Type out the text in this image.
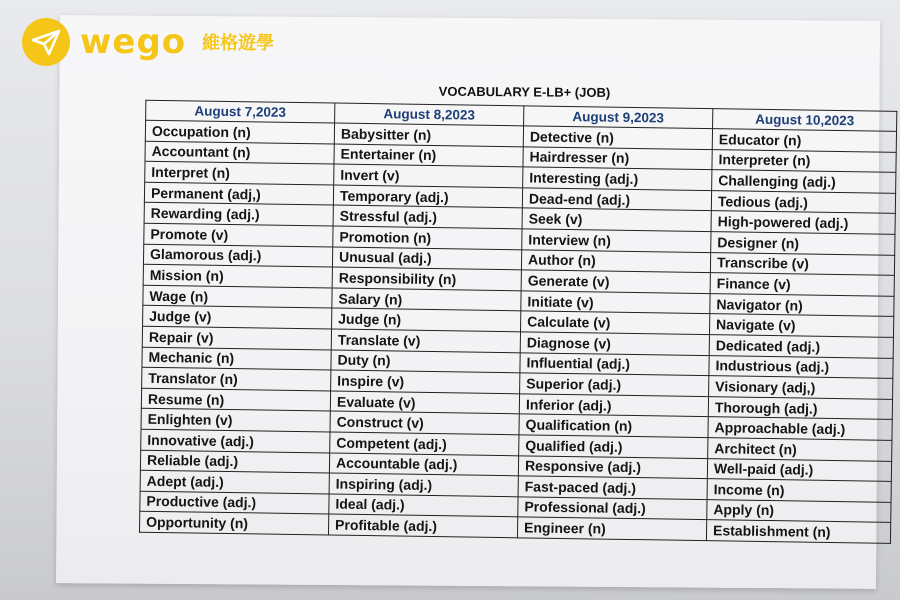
VOCABULARY E-LB+ (JOB)
August 7,2023	August 8,2023	August 9,2023	August 10,2023
Occupation (n)	Babysitter (n)	Detective (n)	Educator (n)
Accountant (n)	Entertainer (n)	Hairdresser (n)	Interpreter (n)
Interpret (n)	Invert (v)	Interesting (adj.)	Challenging (adj.)
Permanent (adj,)	Temporary (adj.)	Dead-end (adj.)	Tedious (adj.)
Rewarding (adj.)	Stressful (adj.)	Seek (v)	High-powered (adj.)
Promote (v)	Promotion (n)	Interview (n)	Designer (n)
Glamorous (adj.)	Unusual (adj.)	Author (n)	Transcribe (v)
Mission (n)	Responsibility (n)	Generate (v)	Finance (v)
Wage (n)	Salary (n)	Initiate (v)	Navigator (n)
Judge (v)	Judge (n)	Calculate (v)	Navigate (v)
Repair (v)	Translate (v)	Diagnose (v)	Dedicated (adj.)
Mechanic (n)	Duty (n)	Influential (adj.)	Industrious (adj.)
Translator (n)	Inspire (v)	Superior (adj.)	Visionary (adj,)
Resume (n)	Evaluate (v)	Inferior (adj.)	Thorough (adj.)
Enlighten (v)	Construct (v)	Qualification (n)	Approachable (adj.)
Innovative (adj.)	Competent (adj.)	Qualified (adj.)	Architect (n)
Reliable (adj.)	Accountable (adj.)	Responsive (adj.)	Well-paid (adj.)
Adept (adj.)	Inspiring (adj.)	Fast-paced (adj.)	Income (n)
Productive (adj.)	Ideal (adj.)	Professional (adj.)	Apply (n)
Opportunity (n)	Profitable (adj.)	Engineer (n)	Establishment (n)
wego 維格遊學
